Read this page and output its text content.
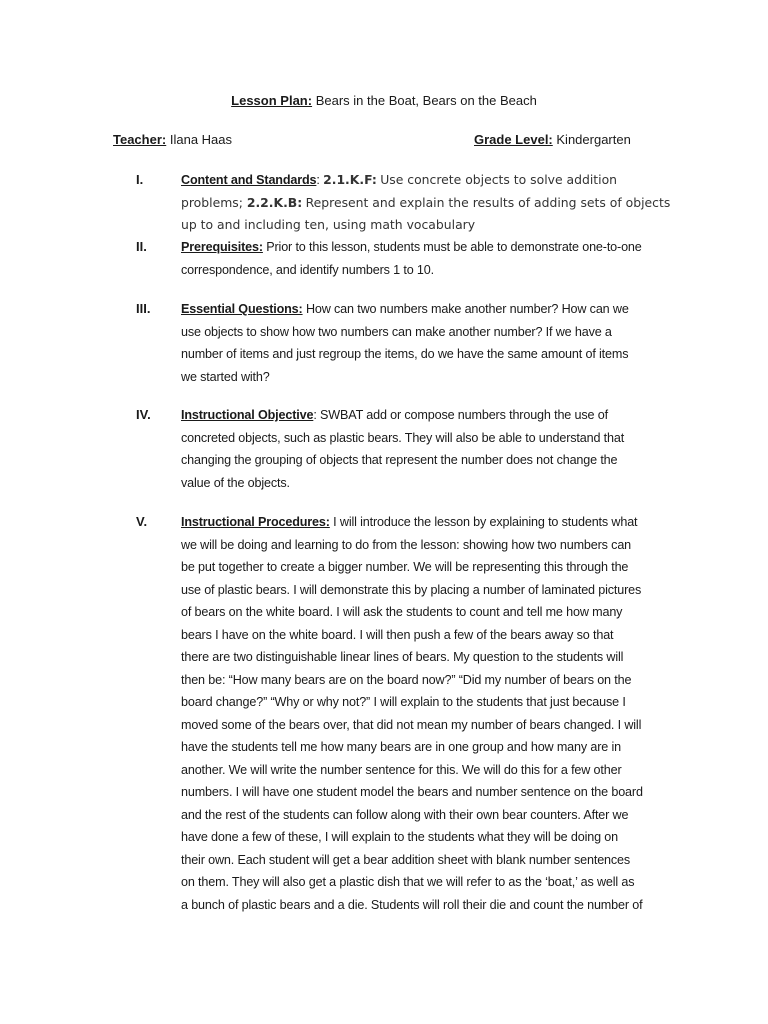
Lesson Plan: Bears in the Boat, Bears on the Beach
Teacher: Ilana Haas	Grade Level: Kindergarten
I.	Content and Standards: 2.1.K.F: Use concrete objects to solve addition
problems; 2.2.K.B: Represent and explain the results of adding sets of objects
up to and including ten, using math vocabulary
II.	Prerequisites: Prior to this lesson, students must be able to demonstrate one-to-one
correspondence, and identify numbers 1 to 10.
III. Essential Questions: How can two numbers make another number? How can we
use objects to show how two numbers can make another number? If we have a
number of items and just regroup the items, do we have the same amount of items
we started with?
IV. Instructional Objective: SWBAT add or compose numbers through the use of
concreted objects, such as plastic bears. They will also be able to understand that
changing the grouping of objects that represent the number does not change the
value of the objects.
V.	Instructional Procedures: I will introduce the lesson by explaining to students what
we will be doing and learning to do from the lesson: showing how two numbers can
be put together to create a bigger number. We will be representing this through the
use of plastic bears. I will demonstrate this by placing a number of laminated pictures
of bears on the white board. I will ask the students to count and tell me how many
bears I have on the white board. I will then push a few of the bears away so that
there are two distinguishable linear lines of bears. My question to the students will
then be: “How many bears are on the board now?” “Did my number of bears on the
board change?” “Why or why not?” I will explain to the students that just because I
moved some of the bears over, that did not mean my number of bears changed. I will
have the students tell me how many bears are in one group and how many are in
another. We will write the number sentence for this. We will do this for a few other
numbers. I will have one student model the bears and number sentence on the board
and the rest of the students can follow along with their own bear counters. After we
have done a few of these, I will explain to the students what they will be doing on
their own. Each student will get a bear addition sheet with blank number sentences
on them. They will also get a plastic dish that we will refer to as the ‘boat,’ as well as
a bunch of plastic bears and a die. Students will roll their die and count the number of
